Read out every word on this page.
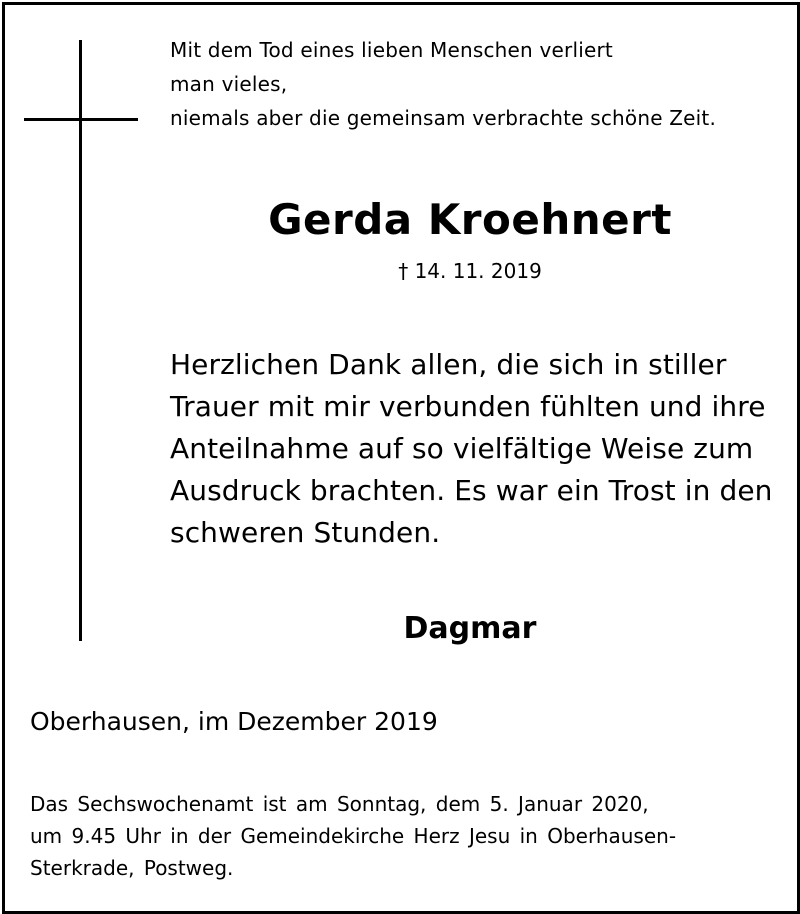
Mit dem Tod eines lieben Menschen verliert
man vieles,
niemals aber die gemeinsam verbrachte schöne Zeit.
Gerda Kroehnert
† 14. 11. 2019
Herzlichen Dank allen, die sich in stiller
Trauer mit mir verbunden fühlten und ihre
Anteilnahme auf so vielfältige Weise zum
Ausdruck brachten. Es war ein Trost in den
schweren Stunden.
Dagmar
Oberhausen, im Dezember 2019
Das Sechswochenamt ist am Sonntag, dem 5. Januar 2020,
um 9.45 Uhr in der Gemeindekirche Herz Jesu in Oberhausen-
Sterkrade, Postweg.
